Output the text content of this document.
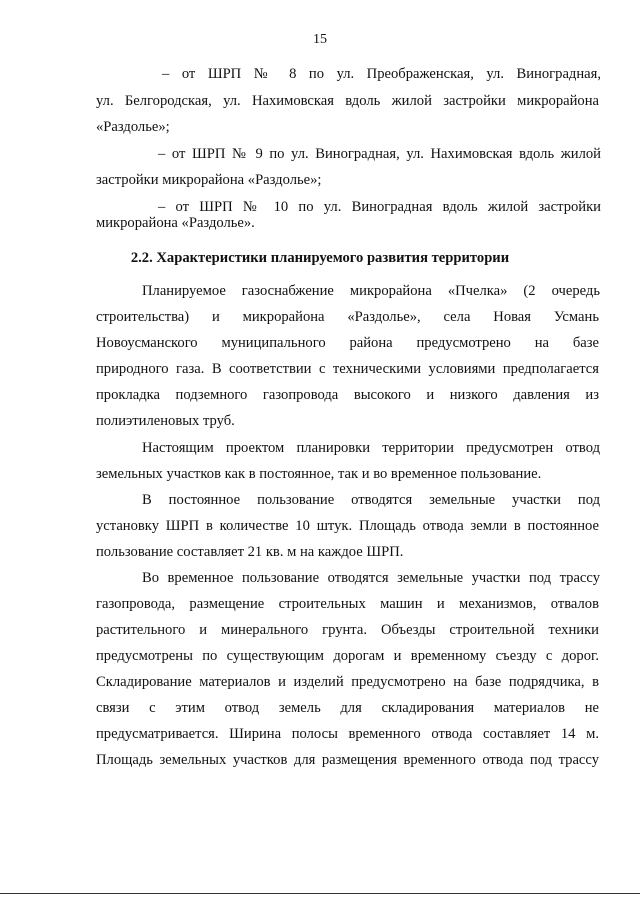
15
– от ШРП № 8 по ул. Преображенская, ул. Виноградная,
ул. Белгородская, ул. Нахимовская вдоль жилой застройки микрорайона
«Раздолье»;
– от ШРП № 9 по ул. Виноградная, ул. Нахимовская вдоль жилой
застройки микрорайона «Раздолье»;
– от ШРП № 10 по ул. Виноградная вдоль жилой застройки
микрорайона «Раздолье».
2.2. Характеристики планируемого развития территории
Планируемое газоснабжение микрорайона «Пчелка» (2 очередь
строительства) и микрорайона «Раздолье», села Новая Усмань
Новоусманского муниципального района предусмотрено на базе
природного газа. В соответствии с техническими условиями предполагается
прокладка подземного газопровода высокого и низкого давления из
полиэтиленовых труб.
Настоящим проектом планировки территории предусмотрен отвод
земельных участков как в постоянное, так и во временное пользование.
В постоянное пользование отводятся земельные участки под
установку ШРП в количестве 10 штук. Площадь отвода земли в постоянное
пользование составляет 21 кв. м на каждое ШРП.
Во временное пользование отводятся земельные участки под трассу
газопровода, размещение строительных машин и механизмов, отвалов
растительного и минерального грунта. Объезды строительной техники
предусмотрены по существующим дорогам и временному съезду с дорог.
Складирование материалов и изделий предусмотрено на базе подрядчика, в
связи с этим отвод земель для складирования материалов не
предусматривается. Ширина полосы временного отвода составляет 14 м.
Площадь земельных участков для размещения временного отвода под трассу
